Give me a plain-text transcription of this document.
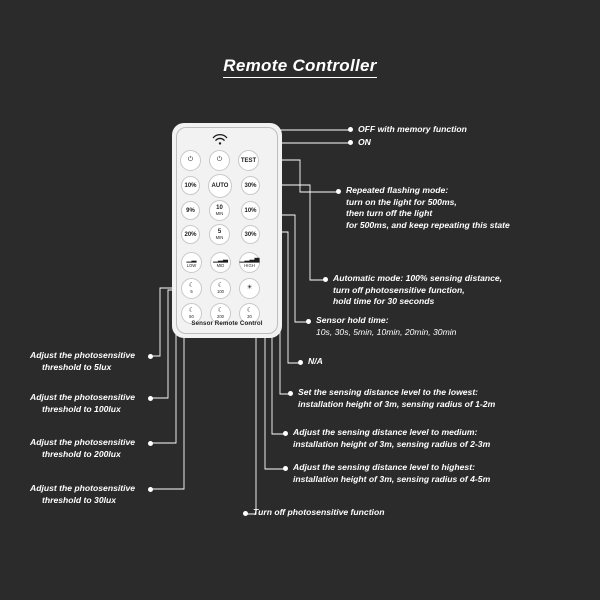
Remote Controller
⏻	⏻	TEST
10%	AUTO	30%
9%	10
MIN	10%
20%	5
MIN	30%
▁▂
LOW
▁▂▃
MID
▁▂▃▅
HIGH
☾
5
☾
100
☀
☾
50
☾
200
☾
30
Sensor Remote Control
OFF with memory function
ON
Repeated flashing mode:
turn on the light for 500ms,
then turn off the light
for 500ms, and keep repeating this state
Automatic mode: 100% sensing distance,
turn off photosensitive function,
hold time for 30 seconds
Sensor hold time:
10s, 30s, 5min, 10min, 20min, 30min
N/A
Set the sensing distance level to the lowest:
installation height of 3m, sensing radius of 1-2m
Adjust the sensing distance level to medium:
installation height of 3m, sensing radius of 2-3m
Adjust the sensing distance level to highest:
installation height of 3m, sensing radius of 4-5m
Turn off photosensitive function
Adjust the photosensitive
threshold to 5lux
Adjust the photosensitive
threshold to 100lux
Adjust the photosensitive
threshold to 200lux
Adjust the photosensitive
threshold to 30lux
